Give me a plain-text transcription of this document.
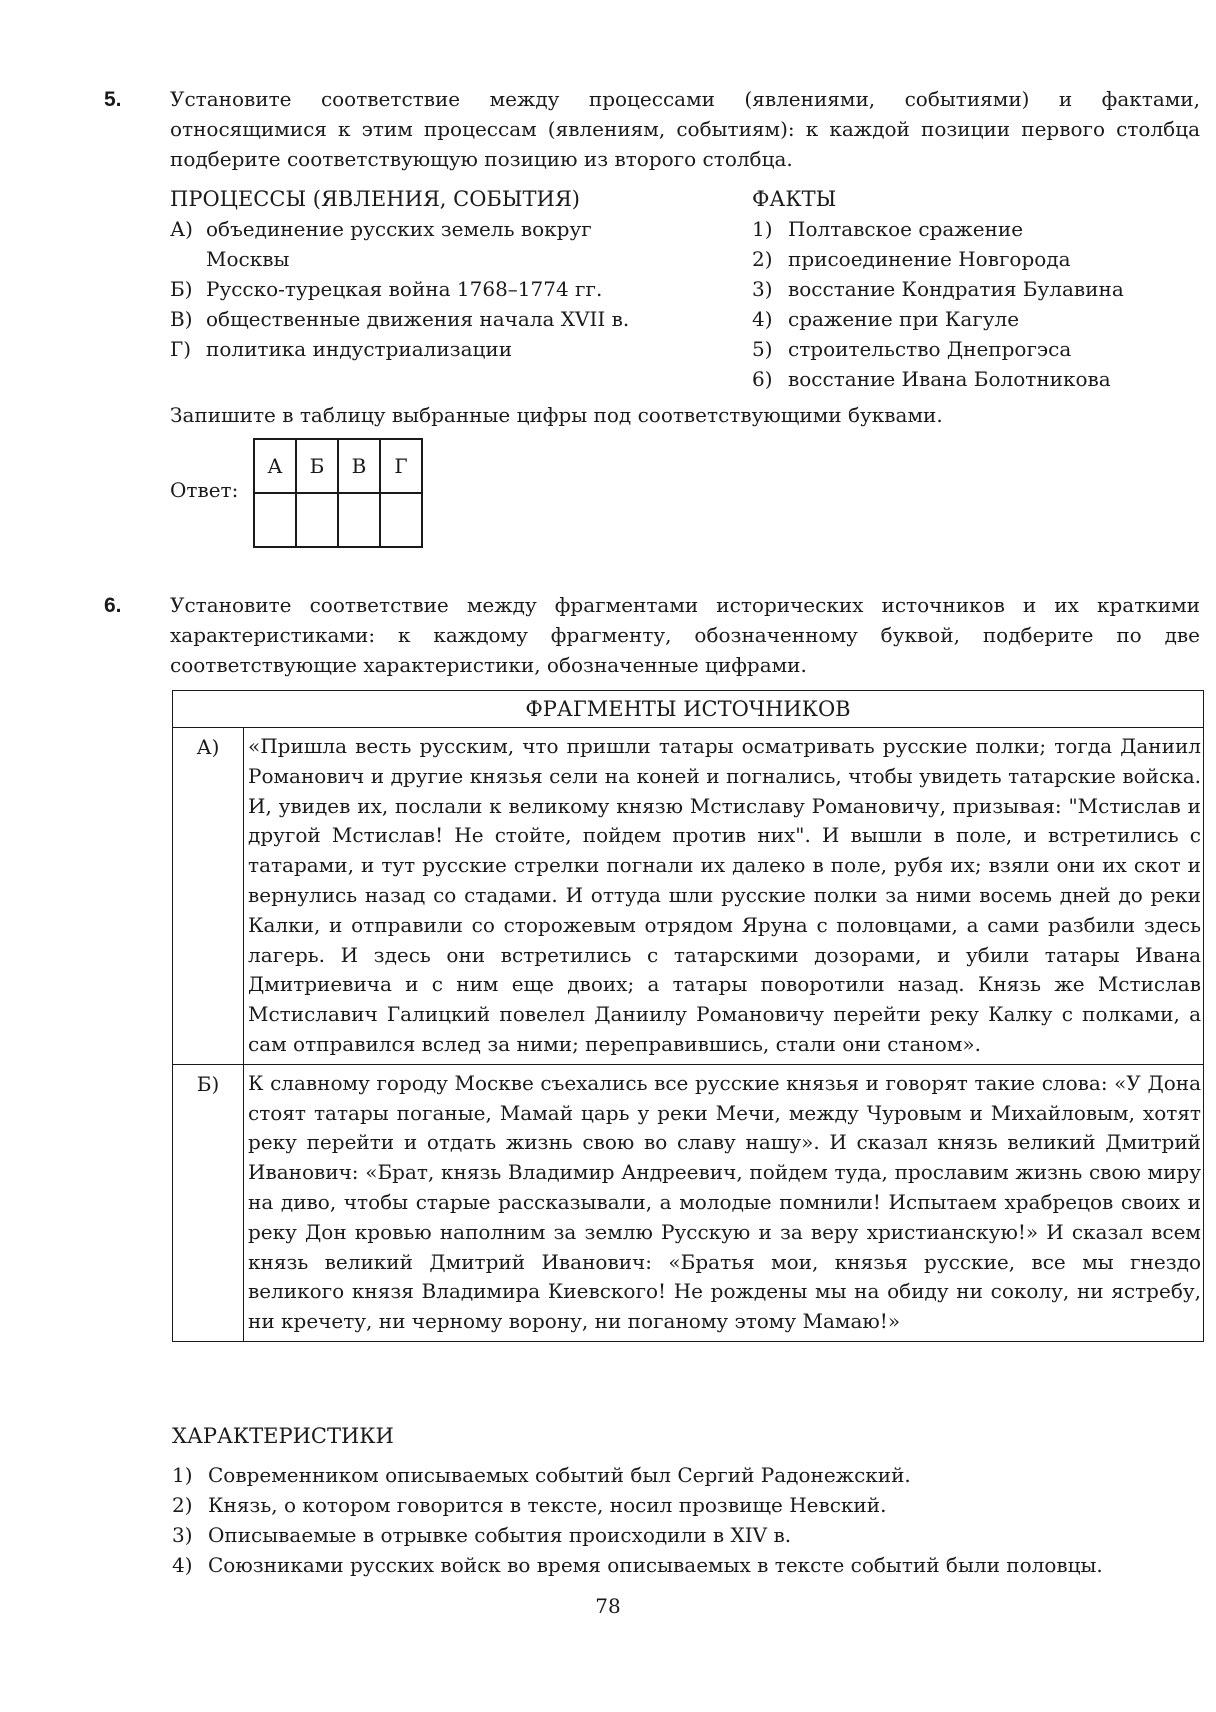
5. Установите соответствие между процессами (явлениями, событиями) и фактами, относящимися к этим процессам (явлениям, событиям): к каждой позиции первого столбца подберите соответствующую позицию из второго столбца.
ПРОЦЕССЫ (ЯВЛЕНИЯ, СОБЫТИЯ)
А) объединение русских земель вокруг Москвы
Б) Русско-турецкая война 1768–1774 гг.
В) общественные движения начала XVII в.
Г) политика индустриализации
ФАКТЫ
1) Полтавское сражение
2) присоединение Новгорода
3) восстание Кондратия Булавина
4) сражение при Кагуле
5) строительство Днепрогэса
6) восстание Ивана Болотникова
Запишите в таблицу выбранные цифры под соответствующими буквами.
Ответ:
А	Б	В	Г

6. Установите соответствие между фрагментами исторических источников и их краткими характеристиками: к каждому фрагменту, обозначенному буквой, подберите по две соответствующие характеристики, обозначенные цифрами.
ФРАГМЕНТЫ ИСТОЧНИКОВ
А)	«Пришла весть русским, что пришли татары осматривать русские полки; тогда Даниил Романович и другие князья сели на коней и погнались, чтобы увидеть татарские войска. И, увидев их, послали к великому князю Мстиславу Романовичу, призывая: "Мстислав и другой Мстислав! Не стойте, пойдем против них". И вышли в поле, и встретились с татарами, и тут русские стрелки погнали их далеко в поле, рубя их; взяли они их скот и вернулись назад со стадами. И оттуда шли русские полки за ними восемь дней до реки Калки, и отправили со сторожевым отрядом Яруна с половцами, а сами разбили здесь лагерь. И здесь они встретились с татарскими дозорами, и убили татары Ивана Дмитриевича и с ним еще двоих; а татары поворотили назад. Князь же Мстислав Мстиславич Галицкий повелел Даниилу Романовичу перейти реку Калку с полками, а сам отправился вслед за ними; переправившись, стали они станом».
Б)	К славному городу Москве съехались все русские князья и говорят такие слова: «У Дона стоят татары поганые, Мамай царь у реки Мечи, между Чуровым и Михайловым, хотят реку перейти и отдать жизнь свою во славу нашу». И сказал князь великий Дмитрий Иванович: «Брат, князь Владимир Андреевич, пойдем туда, прославим жизнь свою миру на диво, чтобы старые рассказывали, а молодые помнили! Испытаем храбрецов своих и реку Дон кровью наполним за землю Русскую и за веру христианскую!» И сказал всем князь великий Дмитрий Иванович: «Братья мои, князья русские, все мы гнездо великого князя Владимира Киевского! Не рождены мы на обиду ни соколу, ни ястребу, ни кречету, ни черному ворону, ни поганому этому Мамаю!»
ХАРАКТЕРИСТИКИ
1) Современником описываемых событий был Сергий Радонежский.
2) Князь, о котором говорится в тексте, носил прозвище Невский.
3) Описываемые в отрывке события происходили в XIV в.
4) Союзниками русских войск во время описываемых в тексте событий были половцы.
78
